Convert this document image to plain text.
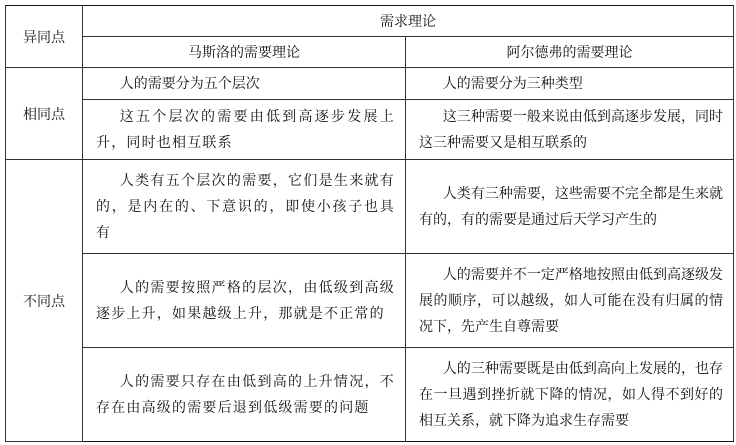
异同点	需求理论	
	马斯洛的需要理论	阿尔德弗的需要理论
相同点	人的需要分为五个层次	人的需要分为三种类型
	这五个层次的需要由低到高逐步发展上升，同时也相互联系	这三种需要一般来说由低到高逐步发展，同时这三种需要又是相互联系的
不同点	人类有五个层次的需要，它们是生来就有的，是内在的、下意识的，即使小孩子也具有	人类有三种需要，这些需要不完全都是生来就有的，有的需要是通过后天学习产生的
	人的需要按照严格的层次，由低级到高级逐步上升，如果越级上升，那就是不正常的	人的需要并不一定严格地按照由低到高逐级发展的顺序，可以越级，如人可能在没有归属的情况下，先产生自尊需要
	人的需要只存在由低到高的上升情况，不存在由高级的需要后退到低级需要的问题	人的三种需要既是由低到高向上发展的，也存在一旦遇到挫折就下降的情况，如人得不到好的相互关系，就下降为追求生存需要
